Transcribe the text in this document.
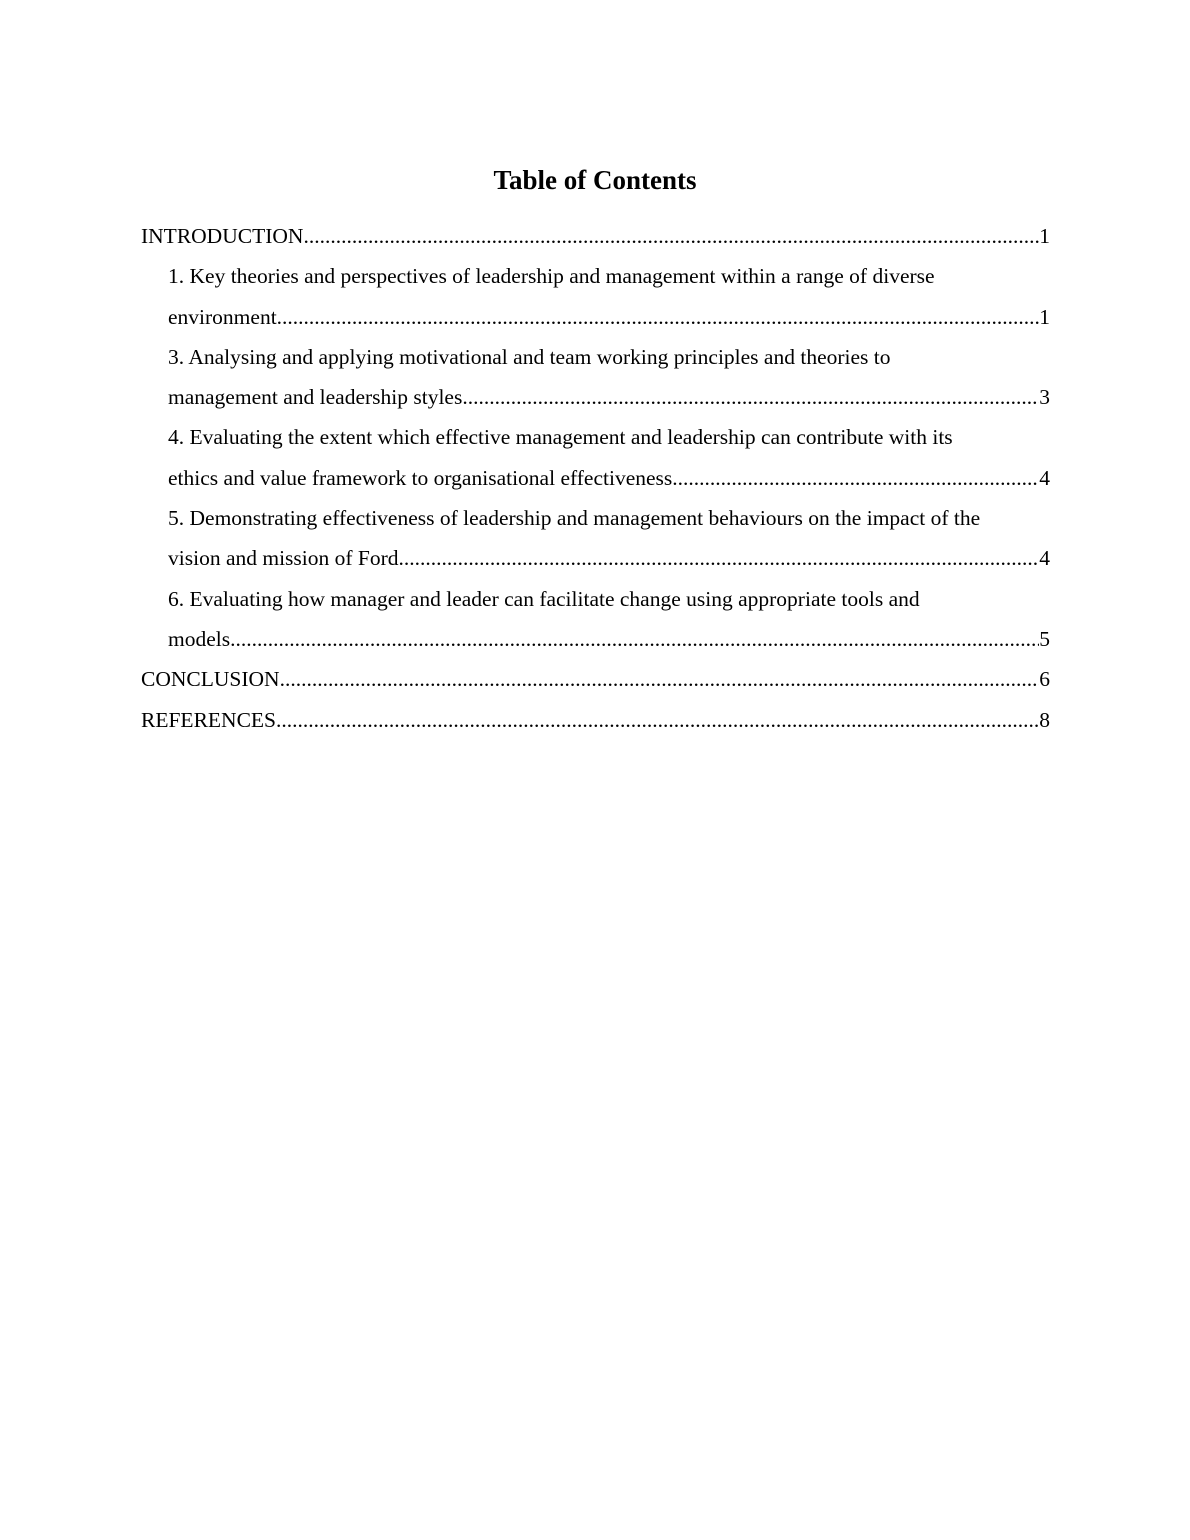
Table of Contents
INTRODUCTION .....	1
1. Key theories and perspectives of leadership and management within a range of diverse
environment .....	1
3. Analysing and applying motivational and team working principles and theories to
management and leadership styles .....	3
4. Evaluating the extent which effective management and leadership can contribute with its
ethics and value framework to organisational effectiveness .....	4
5. Demonstrating effectiveness of leadership and management behaviours on the impact of the
vision and mission of Ford .....	4
6. Evaluating how manager and leader can facilitate change using appropriate tools and
models .....	5
CONCLUSION .....	6
REFERENCES .....	8
